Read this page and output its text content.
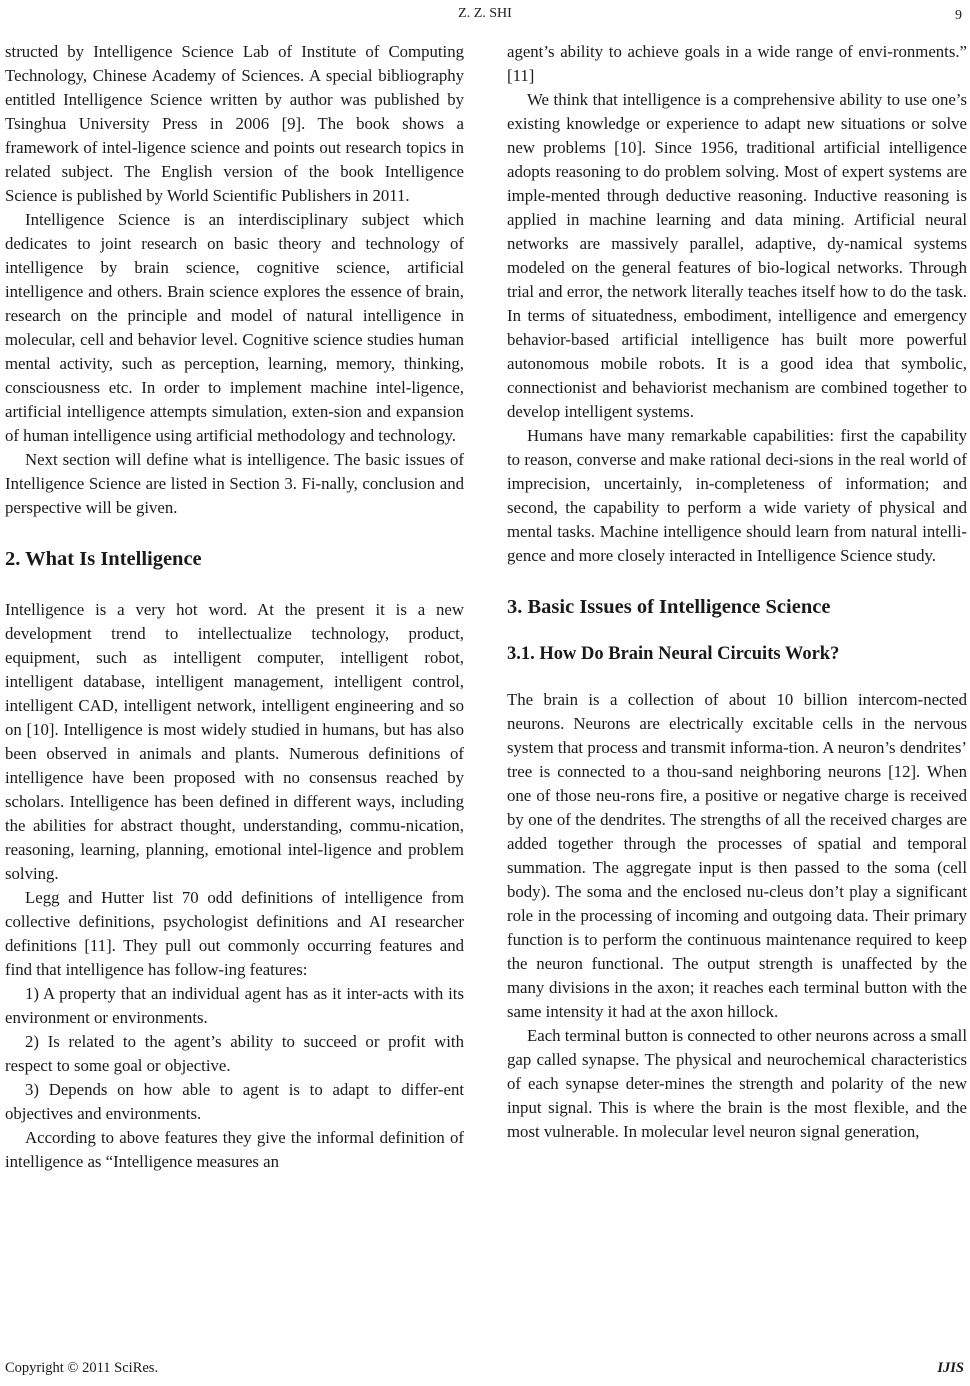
Z. Z. SHI	9

structed by Intelligence Science Lab of Institute of Computing Technology, Chinese Academy of Sciences. A special bibliography entitled Intelligence Science written by author was published by Tsinghua University Press in 2006 [9]. The book shows a framework of intel-ligence science and points out research topics in related subject. The English version of the book Intelligence Science is published by World Scientific Publishers in 2011.

Intelligence Science is an interdisciplinary subject which dedicates to joint research on basic theory and technology of intelligence by brain science, cognitive science, artificial intelligence and others. Brain science explores the essence of brain, research on the principle and model of natural intelligence in molecular, cell and behavior level. Cognitive science studies human mental activity, such as perception, learning, memory, thinking, consciousness etc. In order to implement machine intel-ligence, artificial intelligence attempts simulation, exten-sion and expansion of human intelligence using artificial methodology and technology.

Next section will define what is intelligence. The basic issues of Intelligence Science are listed in Section 3. Fi-nally, conclusion and perspective will be given.

2. What Is Intelligence

Intelligence is a very hot word. At the present it is a new development trend to intellectualize technology, product, equipment, such as intelligent computer, intelligent robot, intelligent database, intelligent management, intelligent control, intelligent CAD, intelligent network, intelligent engineering and so on [10]. Intelligence is most widely studied in humans, but has also been observed in animals and plants. Numerous definitions of intelligence have been proposed with no consensus reached by scholars. Intelligence has been defined in different ways, including the abilities for abstract thought, understanding, commu-nication, reasoning, learning, planning, emotional intel-ligence and problem solving.

Legg and Hutter list 70 odd definitions of intelligence from collective definitions, psychologist definitions and AI researcher definitions [11]. They pull out commonly occurring features and find that intelligence has follow-ing features:

1) A property that an individual agent has as it inter-acts with its environment or environments.

2) Is related to the agent’s ability to succeed or profit with respect to some goal or objective.

3) Depends on how able to agent is to adapt to differ-ent objectives and environments.

According to above features they give the informal definition of intelligence as “Intelligence measures an

agent’s ability to achieve goals in a wide range of envi-ronments.” [11]

We think that intelligence is a comprehensive ability to use one’s existing knowledge or experience to adapt new situations or solve new problems [10]. Since 1956, traditional artificial intelligence adopts reasoning to do problem solving. Most of expert systems are imple-mented through deductive reasoning. Inductive reasoning is applied in machine learning and data mining. Artificial neural networks are massively parallel, adaptive, dy-namical systems modeled on the general features of bio-logical networks. Through trial and error, the network literally teaches itself how to do the task. In terms of situatedness, embodiment, intelligence and emergency behavior-based artificial intelligence has built more powerful autonomous mobile robots. It is a good idea that symbolic, connectionist and behaviorist mechanism are combined together to develop intelligent systems.

Humans have many remarkable capabilities: first the capability to reason, converse and make rational deci-sions in the real world of imprecision, uncertainly, in-completeness of information; and second, the capability to perform a wide variety of physical and mental tasks. Machine intelligence should learn from natural intelli-gence and more closely interacted in Intelligence Science study.

3. Basic Issues of Intelligence Science
3.1. How Do Brain Neural Circuits Work?

The brain is a collection of about 10 billion intercom-nected neurons. Neurons are electrically excitable cells in the nervous system that process and transmit informa-tion. A neuron’s dendrites’ tree is connected to a thou-sand neighboring neurons [12]. When one of those neu-rons fire, a positive or negative charge is received by one of the dendrites. The strengths of all the received charges are added together through the processes of spatial and temporal summation. The aggregate input is then passed to the soma (cell body). The soma and the enclosed nu-cleus don’t play a significant role in the processing of incoming and outgoing data. Their primary function is to perform the continuous maintenance required to keep the neuron functional. The output strength is unaffected by the many divisions in the axon; it reaches each terminal button with the same intensity it had at the axon hillock.

Each terminal button is connected to other neurons across a small gap called synapse. The physical and neurochemical characteristics of each synapse deter-mines the strength and polarity of the new input signal. This is where the brain is the most flexible, and the most vulnerable. In molecular level neuron signal generation,

Copyright © 2011 SciRes.	IJIS
